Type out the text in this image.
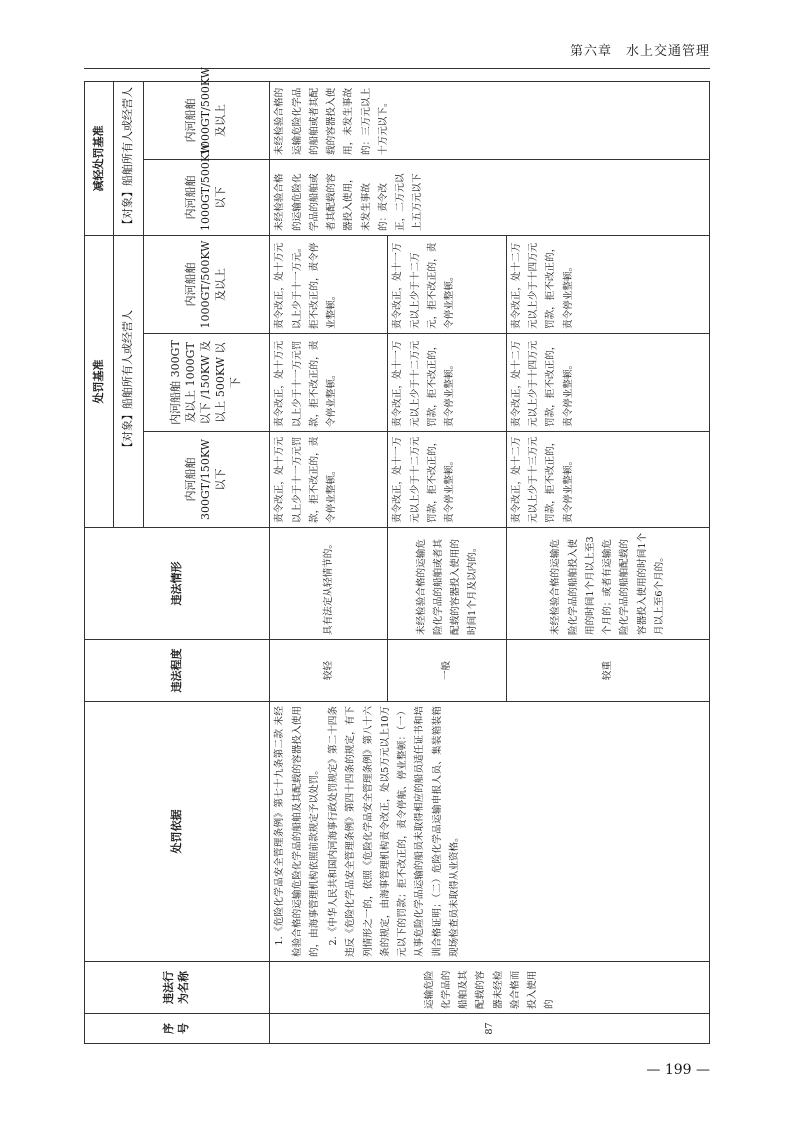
第六章　水上交通管理
序号	违法行为名称	处罚依据	违法程度	违法情形	处罚基准			减轻处罚基准	
					【对象】船舶所有人或经营人			【对象】船舶所有人或经营人	
					内河船舶300GT/150KW以下	内河船舶 300GT及以上 1000GT 以下 /150KW 及以上 500KW 以下	内河船舶1000GT/500KW及以上	内河船舶1000GT/500KW以下	内河船舶1000GT/500KW及以上
87	运输危险化学品的船舶及其配载的容器未经检验合格而投入使用的	1.《危险化学品安全管理条例》第七十九条第二款 未经检验合格的运输危险化学品的船舶及其配载的容器投入使用的，由海事管理机构依照前款规定予以处罚。 2.《中华人民共和国内河海事行政处罚规定》第二十四条 违反《危险化学品安全管理条例》第四十四条的规定，有下列情形之一的，依照《危险化学品安全管理条例》第八十六条的规定，由海事管理机构责令改正，处以5万元以上10万元以下的罚款；拒不改正的，责令停航、停业整顿：（一）从事危险化学品运输的船员未取得相应的船员适任证书和培训合格证明；（二）危险化学品运输申报人员、集装箱装箱现场检查员未取得从业资格。	较轻	具有法定从轻情节的。	责令改正，处十万元以上少于十一万元罚款，拒不改正的，责令停业整顿。	责令改正，处十万元以上少于十一万元罚款，拒不改正的，责令停业整顿。	责令改正，处十万元以上少于十一万元。拒不改正的，责令停业整顿。	未经检验合格的运输危险化学品的船舶或者其配载的容器投入使用，未发生事故的：责令改正，二万元以上五万元以下	未经检验合格的运输危险化学品的船舶或者其配载的容器投入使用，未发生事故的：三万元以上十万元以下。
			一般	未经检验合格的运输危险化学品的船舶或者其配载的容器投入使用的时间1个月及以内的。	责令改正，处十一万元以上少于十二万元罚款，拒不改正的，责令停业整顿。	责令改正，处十一万元以上少于十二万元罚款，拒不改正的，责令停业整顿。	责令改正，处十一万元以上少于十二万元，拒不改正的，责令停业整顿。		
			较重	未经检验合格的运输危险化学品的船舶投入使用的时间1个月以上至3个月的；或者有运输危险化学品的船舶配载的容器投入使用的时间1个月以上至6个月的。	责令改正，处十二万元以上少于十三万元罚款，拒不改正的，责令停业整顿。	责令改正，处十二万元以上少于十四万元罚款，拒不改正的，责令停业整顿。	责令改正，处十二万元以上少于十四万元罚款，拒不改正的，责令停业整顿。		
— 199 —
